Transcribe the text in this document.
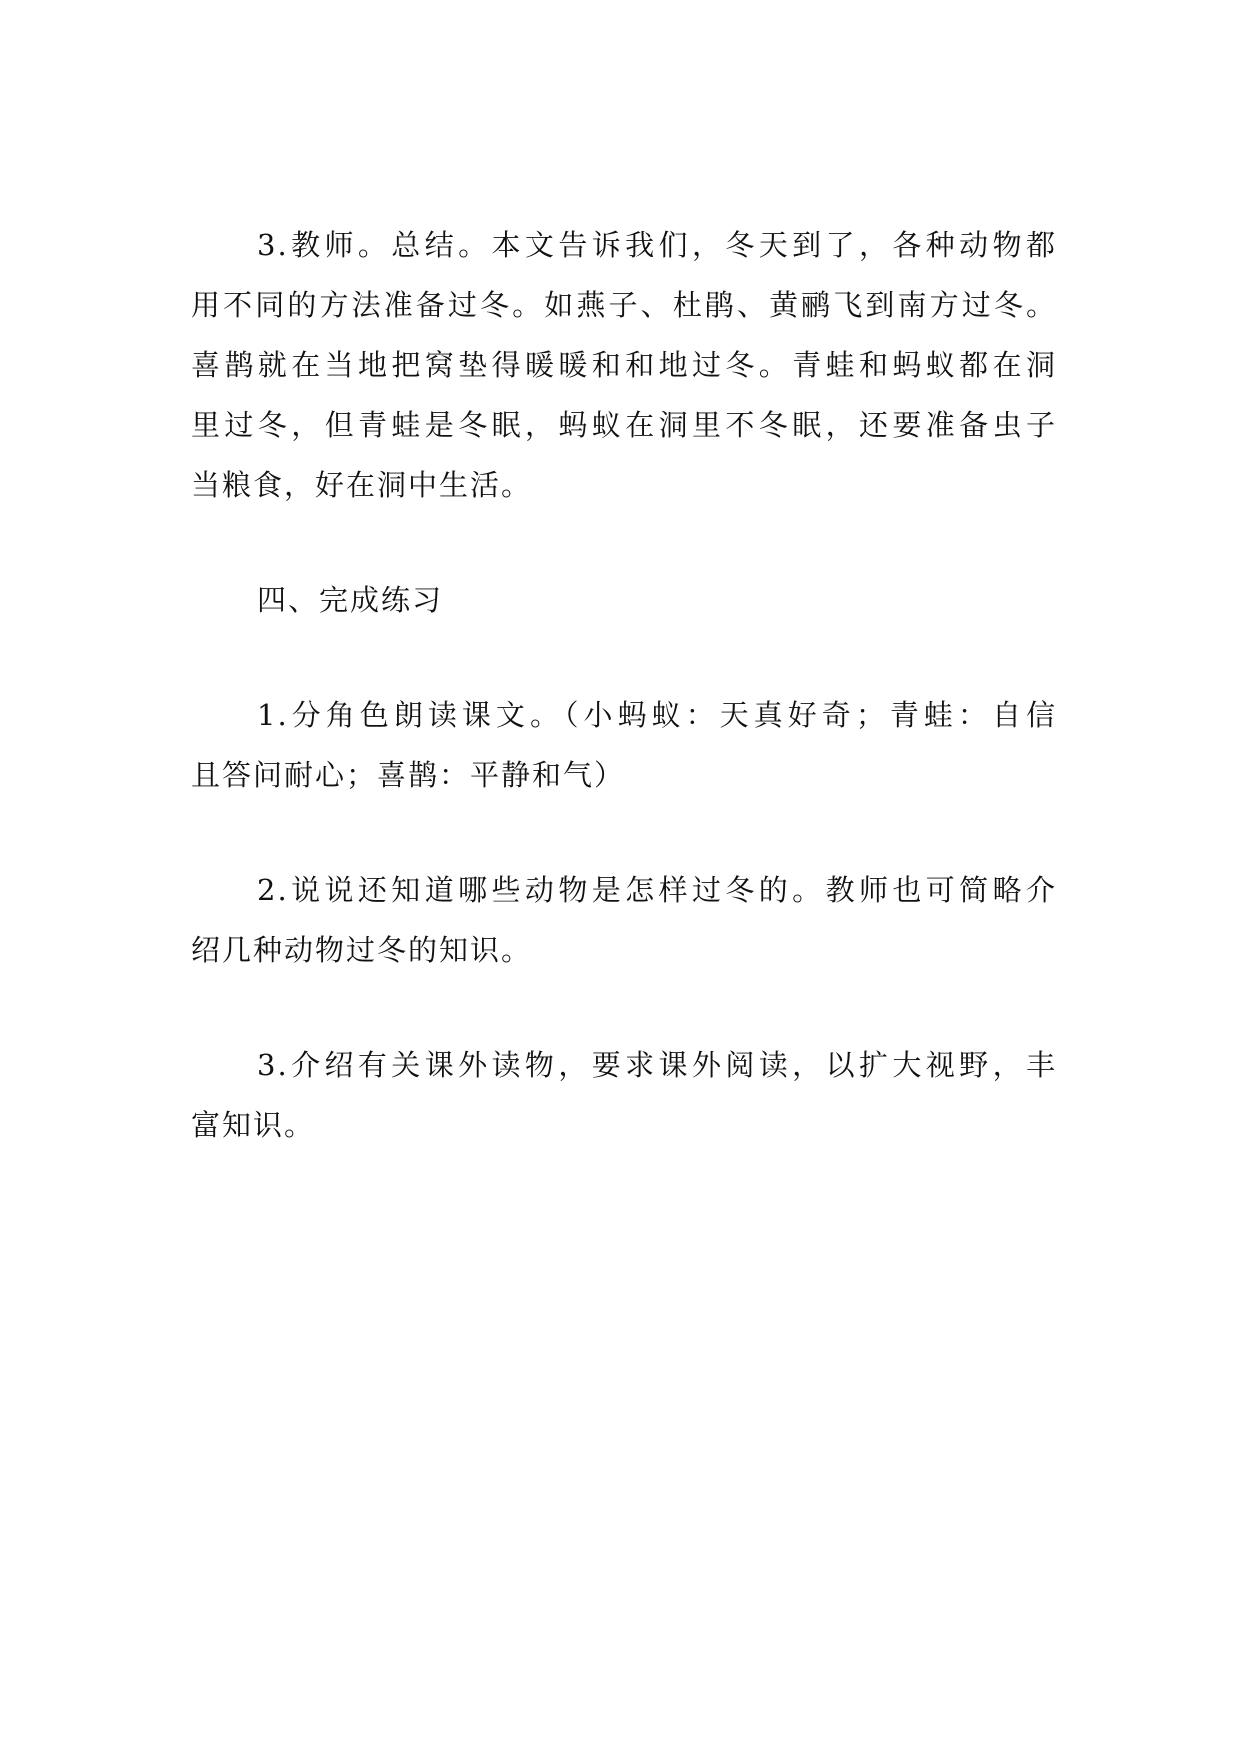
3.教师。总结。本文告诉我们，冬天到了，各种动物都
用不同的方法准备过冬。如燕子、杜鹃、黄鹂飞到南方过冬。
喜鹊就在当地把窝垫得暖暖和和地过冬。青蛙和蚂蚁都在洞
里过冬，但青蛙是冬眠，蚂蚁在洞里不冬眠，还要准备虫子
当粮食，好在洞中生活。
四、完成练习
1.分角色朗读课文。（小蚂蚁：天真好奇；青蛙：自信
且答问耐心；喜鹊：平静和气）
2.说说还知道哪些动物是怎样过冬的。教师也可简略介
绍几种动物过冬的知识。
3.介绍有关课外读物，要求课外阅读，以扩大视野，丰
富知识。
